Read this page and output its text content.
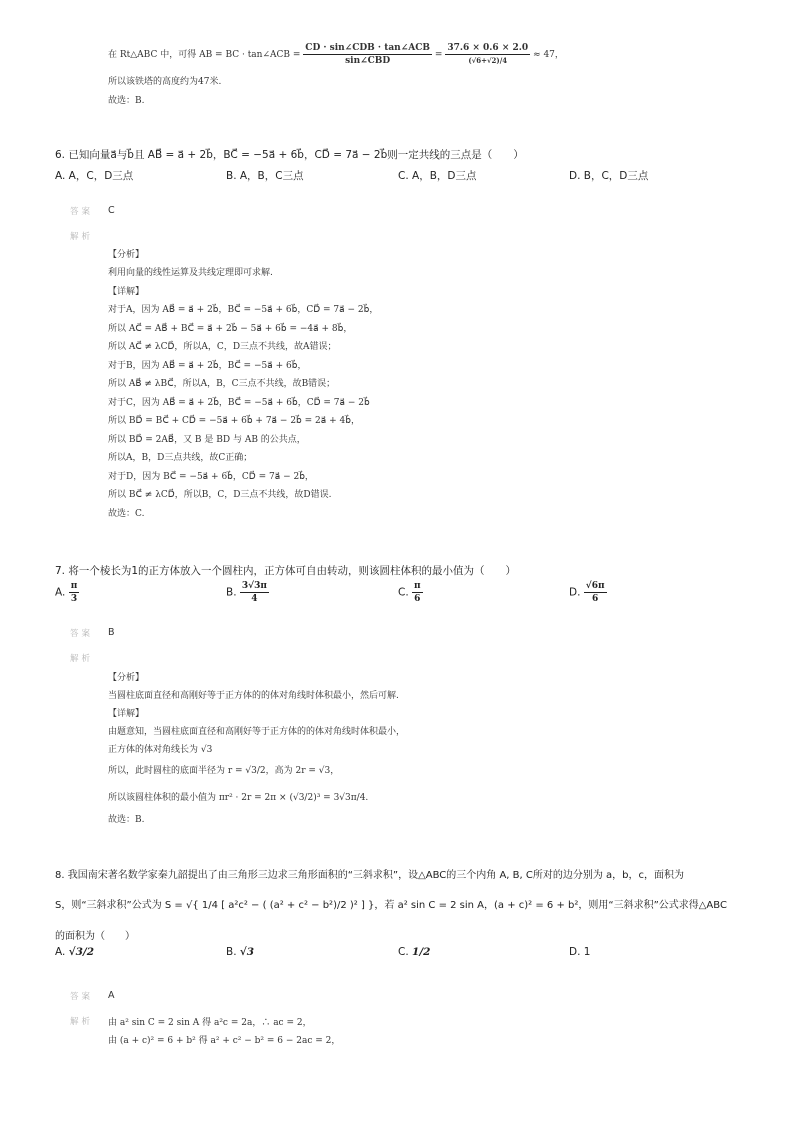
在 Rt△ABC 中，可得 AB = BC · tan∠ACB = $\frac{\text{CD · sin∠CDB · tan∠ACB}}{\text{sin∠CBD}} = \frac{37.6 \times 0.6 \times 2.0}{(√6+√2)/4} \approx 47$，
所以该铁塔的高度约为47米.
故选：B.
6. 已知向量a⃗与b⃗且 AB⃗ = a⃗ + 2b⃗，BC⃗ = −5a⃗ + 6b⃗，CD⃗ = 7a⃗ − 2b⃗则一定共线的三点是（　　）
A. A，C，D三点	B. A，B，C三点	C. A，B，D三点	D. B，C，D三点
答案 C
解析
【分析】
利用向量的线性运算及共线定理即可求解.
【详解】
对于A，因为 AB⃗ = a⃗ + 2b⃗，BC⃗ = −5a⃗ + 6b⃗，CD⃗ = 7a⃗ − 2b⃗，
所以 AC⃗ = AB⃗ + BC⃗ = a⃗ + 2b⃗ − 5a⃗ + 6b⃗ = −4a⃗ + 8b⃗，
所以 AC⃗ ≠ λCD⃗，所以A，C，D三点不共线，故A错误；
对于B，因为 AB⃗ = a⃗ + 2b⃗，BC⃗ = −5a⃗ + 6b⃗，
所以 AB⃗ ≠ λBC⃗，所以A，B，C三点不共线，故B错误；
对于C，因为 AB⃗ = a⃗ + 2b⃗，BC⃗ = −5a⃗ + 6b⃗，CD⃗ = 7a⃗ − 2b⃗
所以 BD⃗ = BC⃗ + CD⃗ = −5a⃗ + 6b⃗ + 7a⃗ − 2b⃗ = 2a⃗ + 4b⃗，
所以 BD⃗ = 2AB⃗，又 B 是 BD 与 AB 的公共点，
所以A，B，D三点共线，故C正确；
对于D，因为 BC⃗ = −5a⃗ + 6b⃗，CD⃗ = 7a⃗ − 2b⃗，
所以 BC⃗ ≠ λCD⃗，所以B，C，D三点不共线，故D错误.
故选：C.
7. 将一个棱长为1的正方体放入一个圆柱内，正方体可自由转动，则该圆柱体积的最小值为（　　）
A. $\frac{\pi}{3}$	B. $\frac{3√3\pi}{4}$	C. $\frac{\pi}{6}$	D. $\frac{√6\pi}{6}$
答案 B
解析
【分析】
当圆柱底面直径和高刚好等于正方体的的体对角线时体积最小，然后可解.
【详解】
由题意知，当圆柱底面直径和高刚好等于正方体的的体对角线时体积最小，
正方体的体对角线长为 √3
所以，此时圆柱的底面半径为 r = √3/2，高为 2r = √3，
所以该圆柱体积的最小值为 πr² · 2r = 2π × (√3/2)³ = 3√3π/4.
故选：B.
8. 我国南宋著名数学家秦九韶提出了由三角形三边求三角形面积的“三斜求积”，设△ABC的三个内角 A, B, C所对的边分别为 a，b，c，面积为
S，则“三斜求积”公式为 S = √{ 1/4 [ a²c² − ( (a² + c² − b²)/2 )² ] }，若 a² sin C = 2 sin A，(a + c)² = 6 + b²，则用“三斜求积”公式求得△ABC
的面积为（　　）
A. √3/2	B. √3	C. 1/2	D. 1
答案 A
解析 由 a² sin C = 2 sin A 得 a²c = 2a，∴ ac = 2，
由 (a + c)² = 6 + b² 得 a² + c² − b² = 6 − 2ac = 2，
